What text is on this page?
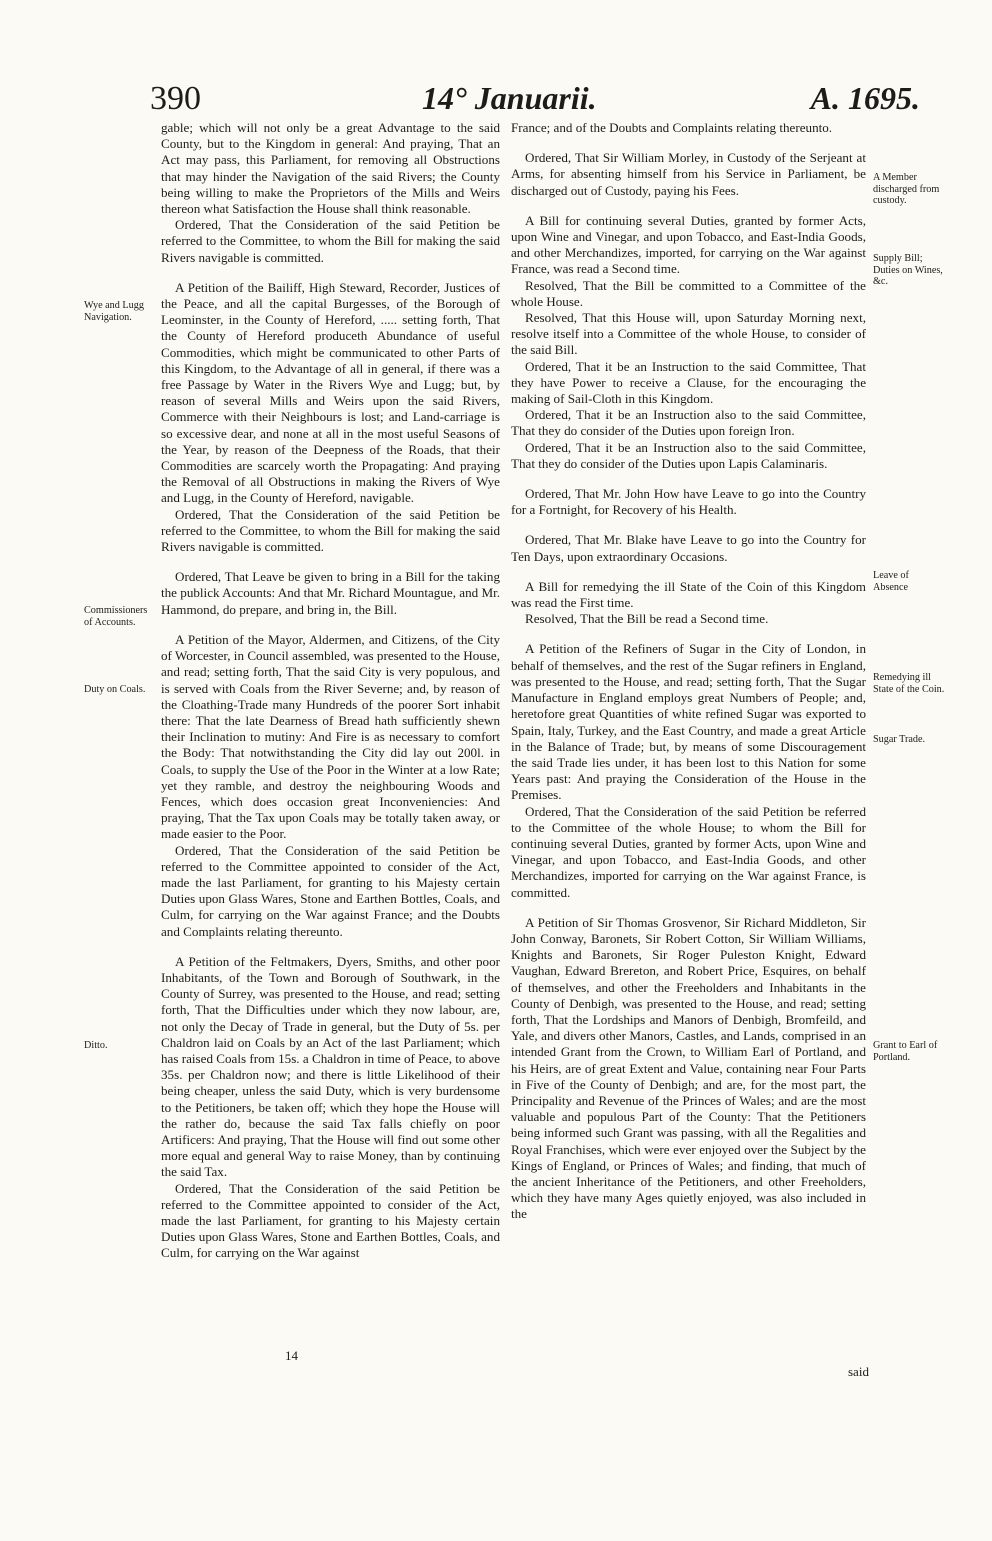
390	14° Januarii.	A. 1695.

gable; which will not only be a great Advantage to the said County, but to the Kingdom in general: And praying, That an Act may pass, this Parliament, for removing all Obstructions that may hinder the Navigation of the said Rivers; the County being willing to make the Proprietors of the Mills and Weirs thereon what Satisfaction the House shall think reasonable.

Ordered, That the Consideration of the said Petition be referred to the Committee, to whom the Bill for making the said Rivers navigable is committed.

A Petition of the Bailiff, High Steward, Recorder, Justices of the Peace, and all the capital Burgesses, of the Borough of Leominster, in the County of Hereford, ..... setting forth, That the County of Hereford produceth Abundance of useful Commodities, which might be communicated to other Parts of this Kingdom, to the Advantage of all in general, if there was a free Passage by Water in the Rivers Wye and Lugg; but, by reason of several Mills and Weirs upon the said Rivers, Commerce with their Neighbours is lost; and Land-carriage is so excessive dear, and none at all in the most useful Seasons of the Year, by reason of the Deepness of the Roads, that their Commodities are scarcely worth the Propagating: And praying the Removal of all Obstructions in making the Rivers of Wye and Lugg, in the County of Hereford, navigable.

Ordered, That the Consideration of the said Petition be referred to the Committee, to whom the Bill for making the said Rivers navigable is committed.

Ordered, That Leave be given to bring in a Bill for the taking the publick Accounts: And that Mr. Richard Mountague, and Mr. Hammond, do prepare, and bring in, the Bill.

A Petition of the Mayor, Aldermen, and Citizens, of the City of Worcester, in Council assembled, was presented to the House, and read; setting forth, That the said City is very populous, and is served with Coals from the River Severne; and, by reason of the Cloathing-Trade many Hundreds of the poorer Sort inhabit there: That the late Dearness of Bread hath sufficiently shewn their Inclination to mutiny: And Fire is as necessary to comfort the Body: That notwithstanding the City did lay out 200l. in Coals, to supply the Use of the Poor in the Winter at a low Rate; yet they ramble, and destroy the neighbouring Woods and Fences, which does occasion great Inconveniencies: And praying, That the Tax upon Coals may be totally taken away, or made easier to the Poor.

Ordered, That the Consideration of the said Petition be referred to the Committee appointed to consider of the Act, made the last Parliament, for granting to his Majesty certain Duties upon Glass Wares, Stone and Earthen Bottles, Coals, and Culm, for carrying on the War against France; and the Doubts and Complaints relating thereunto.

A Petition of the Feltmakers, Dyers, Smiths, and other poor Inhabitants, of the Town and Borough of Southwark, in the County of Surrey, was presented to the House, and read; setting forth, That the Difficulties under which they now labour, are, not only the Decay of Trade in general, but the Duty of 5s. per Chaldron laid on Coals by an Act of the last Parliament; which has raised Coals from 15s. a Chaldron in time of Peace, to above 35s. per Chaldron now; and there is little Likelihood of their being cheaper, unless the said Duty, which is very burdensome to the Petitioners, be taken off; which they hope the House will the rather do, because the said Tax falls chiefly on poor Artificers: And praying, That the House will find out some other more equal and general Way to raise Money, than by continuing the said Tax.

Ordered, That the Consideration of the said Petition be referred to the Committee appointed to consider of the Act, made the last Parliament, for granting to his Majesty certain Duties upon Glass Wares, Stone and Earthen Bottles, Coals, and Culm, for carrying on the War against

France; and of the Doubts and Complaints relating thereunto.

Ordered, That Sir William Morley, in Custody of the Serjeant at Arms, for absenting himself from his Service in Parliament, be discharged out of Custody, paying his Fees.

A Bill for continuing several Duties, granted by former Acts, upon Wine and Vinegar, and upon Tobacco, and East-India Goods, and other Merchandizes, imported, for carrying on the War against France, was read a Second time.

Resolved, That the Bill be committed to a Committee of the whole House.

Resolved, That this House will, upon Saturday Morning next, resolve itself into a Committee of the whole House, to consider of the said Bill.

Ordered, That it be an Instruction to the said Committee, That they have Power to receive a Clause, for the encouraging the making of Sail-Cloth in this Kingdom.

Ordered, That it be an Instruction also to the said Committee, That they do consider of the Duties upon foreign Iron.

Ordered, That it be an Instruction also to the said Committee, That they do consider of the Duties upon Lapis Calaminaris.

Ordered, That Mr. John How have Leave to go into the Country for a Fortnight, for Recovery of his Health.

Ordered, That Mr. Blake have Leave to go into the Country for Ten Days, upon extraordinary Occasions.

A Bill for remedying the ill State of the Coin of this Kingdom was read the First time.

Resolved, That the Bill be read a Second time.

A Petition of the Refiners of Sugar in the City of London, in behalf of themselves, and the rest of the Sugar refiners in England, was presented to the House, and read; setting forth, That the Sugar Manufacture in England employs great Numbers of People; and, heretofore great Quantities of white refined Sugar was exported to Spain, Italy, Turkey, and the East Country, and made a great Article in the Balance of Trade; but, by means of some Discouragement the said Trade lies under, it has been lost to this Nation for some Years past: And praying the Consideration of the House in the Premises.

Ordered, That the Consideration of the said Petition be referred to the Committee of the whole House; to whom the Bill for continuing several Duties, granted by former Acts, upon Wine and Vinegar, and upon Tobacco, and East-India Goods, and other Merchandizes, imported for carrying on the War against France, is committed.

A Petition of Sir Thomas Grosvenor, Sir Richard Middleton, Sir John Conway, Baronets, Sir Robert Cotton, Sir William Williams, Knights and Baronets, Sir Roger Puleston Knight, Edward Vaughan, Edward Brereton, and Robert Price, Esquires, on behalf of themselves, and other the Freeholders and Inhabitants in the County of Denbigh, was presented to the House, and read; setting forth, That the Lordships and Manors of Denbigh, Bromfeild, and Yale, and divers other Manors, Castles, and Lands, comprised in an intended Grant from the Crown, to William Earl of Portland, and his Heirs, are of great Extent and Value, containing near Four Parts in Five of the County of Denbigh; and are, for the most part, the Principality and Revenue of the Princes of Wales; and are the most valuable and populous Part of the County: That the Petitioners being informed such Grant was passing, with all the Regalities and Royal Franchises, which were ever enjoyed over the Subject by the Kings of England, or Princes of Wales; and finding, that much of the ancient Inheritance of the Petitioners, and other Freeholders, which they have many Ages quietly enjoyed, was also included in the

Wye and Lugg Navigation.
Commissioners of Accounts.
Duty on Coals.
Ditto.
A Member discharged from custody.
Supply Bill; Duties on Wines, &c.
Leave of Absence
Remedying ill State of the Coin.
Sugar Trade.
Grant to Earl of Portland.
14
said
